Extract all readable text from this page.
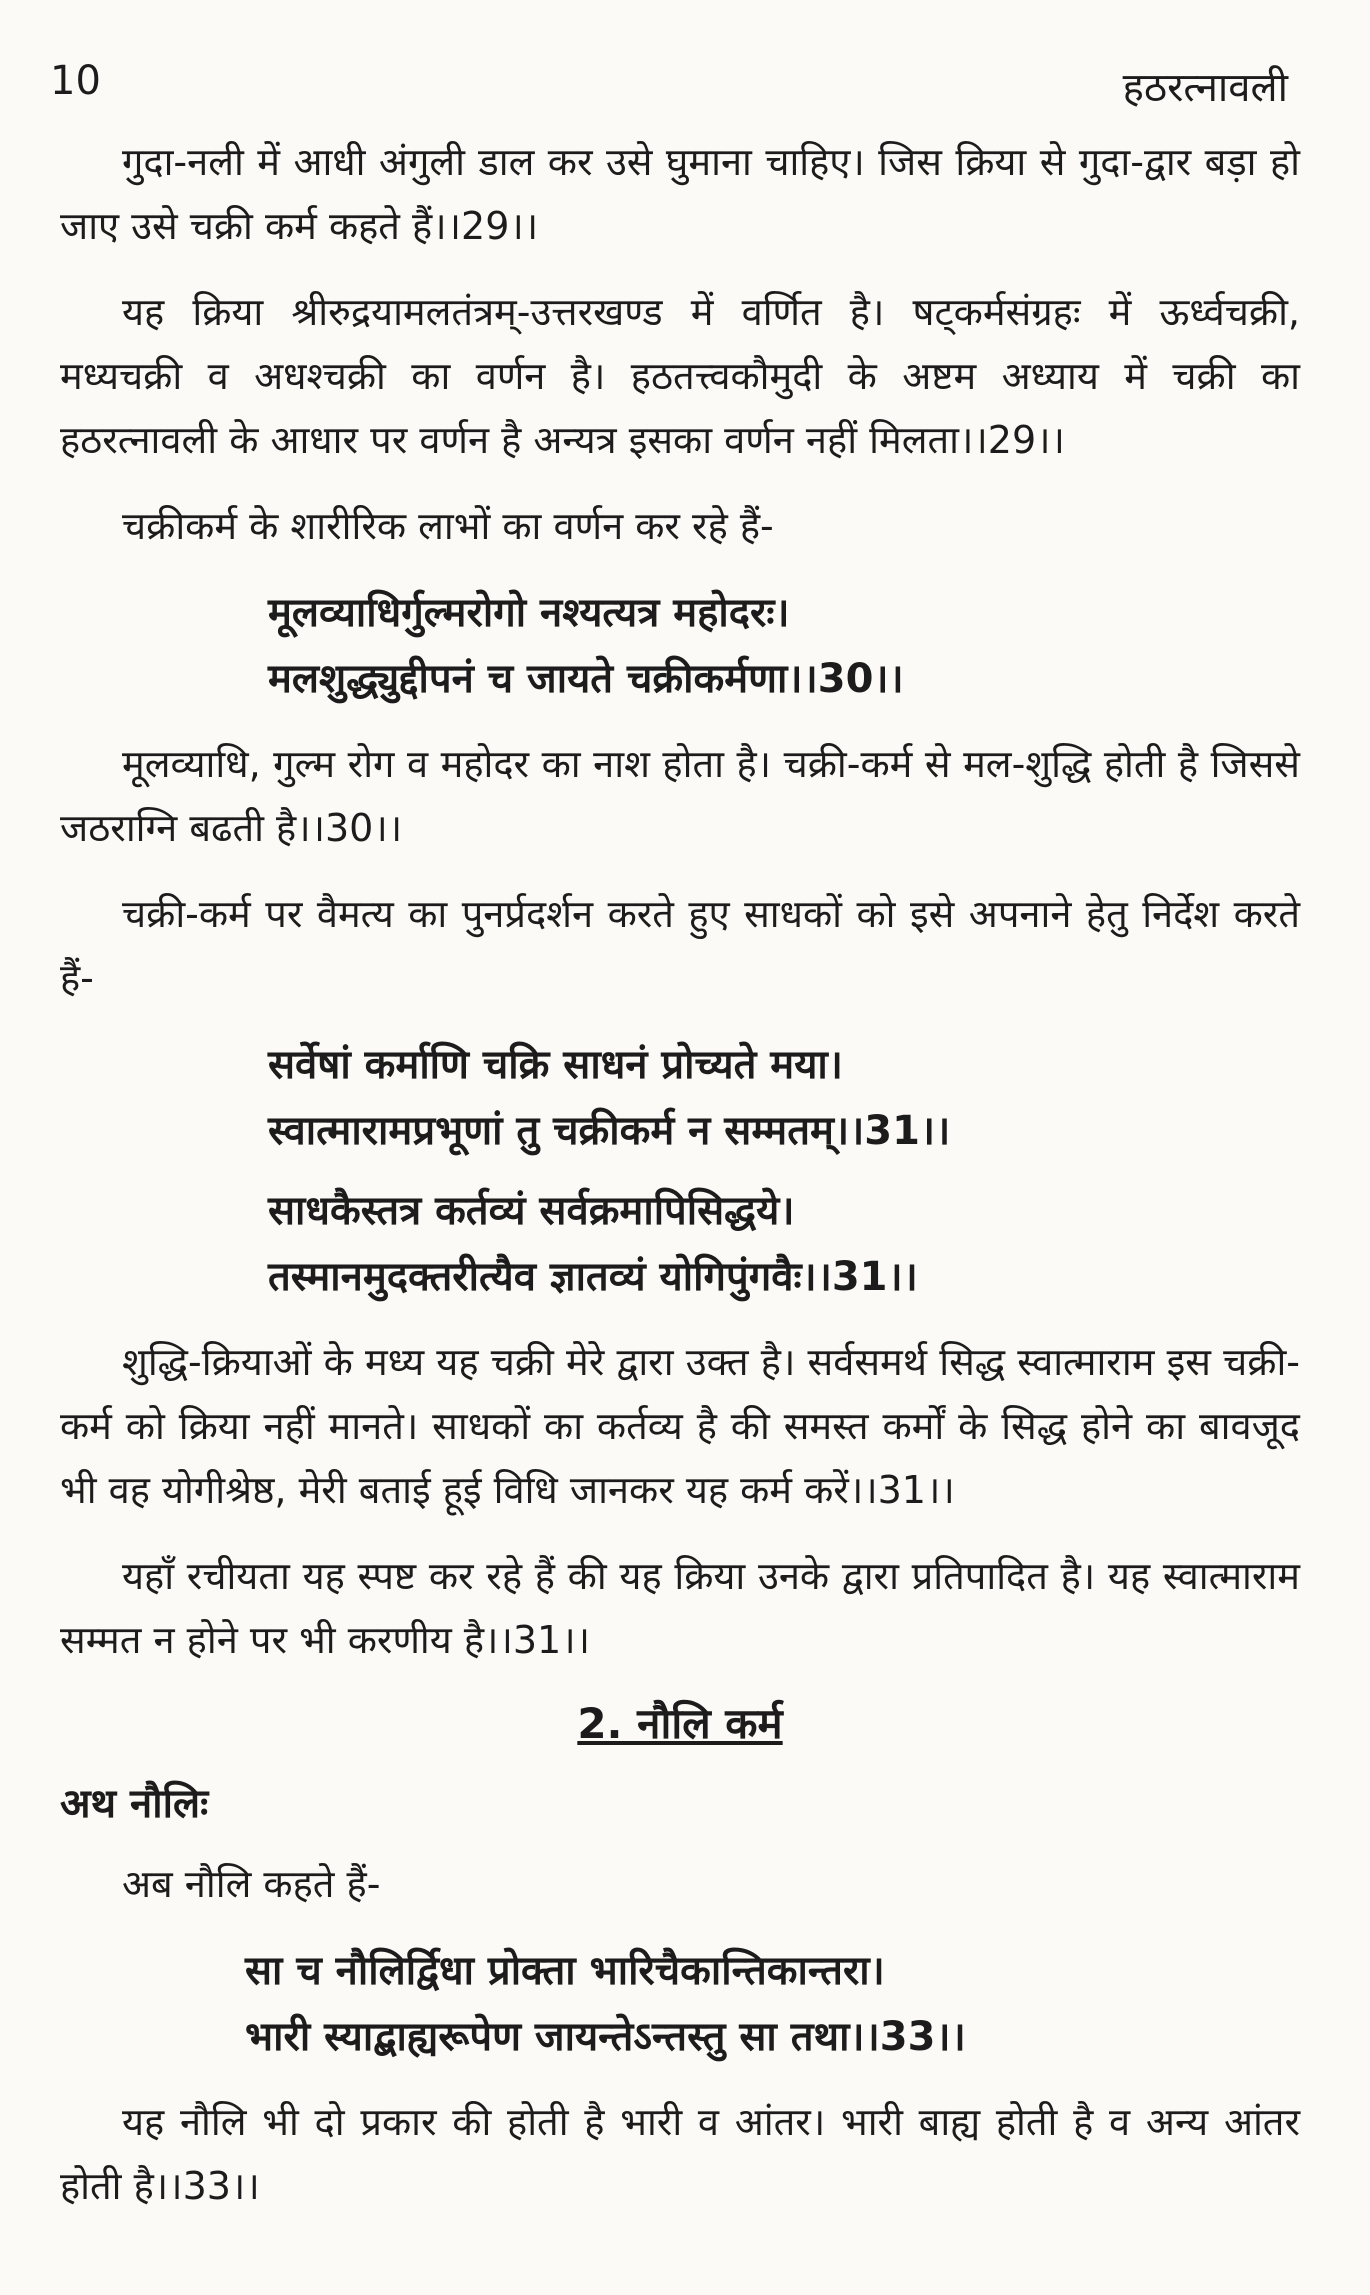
10	हठरत्नावली

गुदा-नली में आधी अंगुली डाल कर उसे घुमाना चाहिए। जिस क्रिया से गुदा-द्वार बड़ा हो जाए उसे चक्री कर्म कहते हैं।।29।।

यह क्रिया श्रीरुद्रयामलतंत्रम्-उत्तरखण्ड में वर्णित है। षट्कर्मसंग्रहः में ऊर्ध्वचक्री, मध्यचक्री व अधश्चक्री का वर्णन है। हठतत्त्वकौमुदी के अष्टम अध्याय में चक्री का हठरत्नावली के आधार पर वर्णन है अन्यत्र इसका वर्णन नहीं मिलता।।29।।

चक्रीकर्म के शारीरिक लाभों का वर्णन कर रहे हैं-

मूलव्याधिर्गुल्मरोगो नश्यत्यत्र महोदरः।

मलशुद्ध्युद्दीपनं च जायते चक्रीकर्मणा।।30।।

मूलव्याधि, गुल्म रोग व महोदर का नाश होता है। चक्री-कर्म से मल-शुद्धि होती है जिससे जठराग्नि बढती है।।30।।

चक्री-कर्म पर वैमत्य का पुनर्प्रदर्शन करते हुए साधकों को इसे अपनाने हेतु निर्देश करते हैं-

सर्वेषां कर्माणि चक्रि साधनं प्रोच्यते मया।

स्वात्मारामप्रभूणां तु चक्रीकर्म न सम्मतम्।।31।।

साधकैस्तत्र कर्तव्यं सर्वक्रमापिसिद्धये।

तस्मानमुदक्तरीत्यैव ज्ञातव्यं योगिपुंगवैः।।31।।

शुद्धि-क्रियाओं के मध्य यह चक्री मेरे द्वारा उक्त है। सर्वसमर्थ सिद्ध स्वात्माराम इस चक्री-कर्म को क्रिया नहीं मानते। साधकों का कर्तव्य है की समस्त कर्मों के सिद्ध होने का बावजूद भी वह योगीश्रेष्ठ, मेरी बताई हूई विधि जानकर यह कर्म करें।।31।।

यहाँ रचीयता यह स्पष्ट कर रहे हैं की यह क्रिया उनके द्वारा प्रतिपादित है। यह स्वात्माराम सम्मत न होने पर भी करणीय है।।31।।

2. नौलि कर्म
अथ नौलिः

अब नौलि कहते हैं-

सा च नौलिर्द्विधा प्रोक्ता भारिचैकान्तिकान्तरा।

भारी स्याद्बाह्यरूपेण जायन्तेऽन्तस्तु सा तथा।।33।।

यह नौलि भी दो प्रकार की होती है भारी व आंतर। भारी बाह्य होती है व अन्य आंतर होती है।।33।।
